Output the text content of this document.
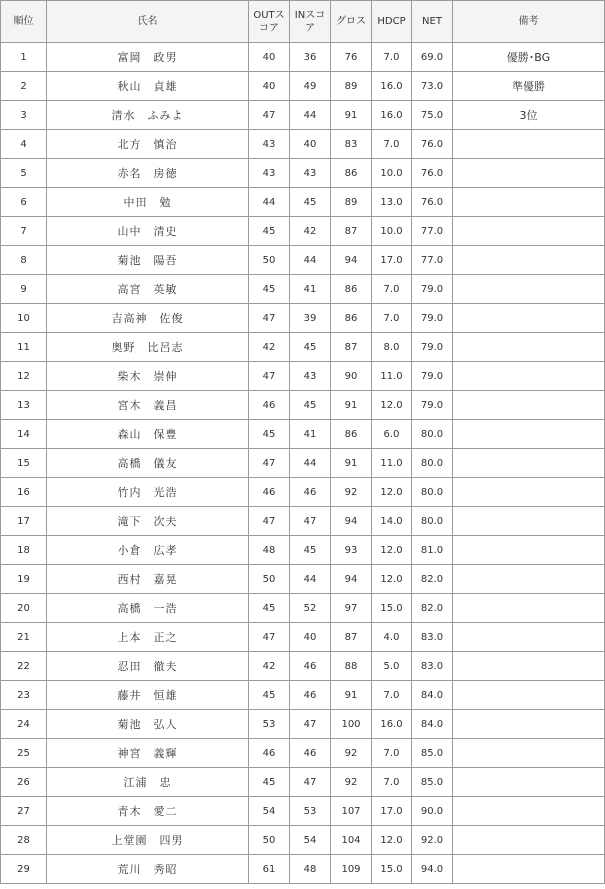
順位	氏名	OUTスコア	INスコア	グロス	HDCP	NET	備考
1	富岡　政男	40	36	76	7.0	69.0	優勝･BG
2	秋山　貞雄	40	49	89	16.0	73.0	準優勝
3	清水　ふみよ	47	44	91	16.0	75.0	3位
4	北方　慎治	43	40	83	7.0	76.0	
5	赤名　房徳	43	43	86	10.0	76.0	
6	中田　勉	44	45	89	13.0	76.0	
7	山中　清史	45	42	87	10.0	77.0	
8	菊池　陽吾	50	44	94	17.0	77.0	
9	高宮　英敏	45	41	86	7.0	79.0	
10	吉高神　佐俊	47	39	86	7.0	79.0	
11	奥野　比呂志	42	45	87	8.0	79.0	
12	柴木　崇伸	47	43	90	11.0	79.0	
13	宮木　義昌	46	45	91	12.0	79.0	
14	森山　保豊	45	41	86	6.0	80.0	
15	高橋　儀友	47	44	91	11.0	80.0	
16	竹内　光浩	46	46	92	12.0	80.0	
17	滝下　次夫	47	47	94	14.0	80.0	
18	小倉　広孝	48	45	93	12.0	81.0	
19	西村　嘉晃	50	44	94	12.0	82.0	
20	高橋　一浩	45	52	97	15.0	82.0	
21	上本　正之	47	40	87	4.0	83.0	
22	忍田　徹夫	42	46	88	5.0	83.0	
23	藤井　恒雄	45	46	91	7.0	84.0	
24	菊池　弘人	53	47	100	16.0	84.0	
25	神宮　義輝	46	46	92	7.0	85.0	
26	江浦　忠	45	47	92	7.0	85.0	
27	青木　愛二	54	53	107	17.0	90.0	
28	上堂園　四男	50	54	104	12.0	92.0	
29	荒川　秀昭	61	48	109	15.0	94.0	
